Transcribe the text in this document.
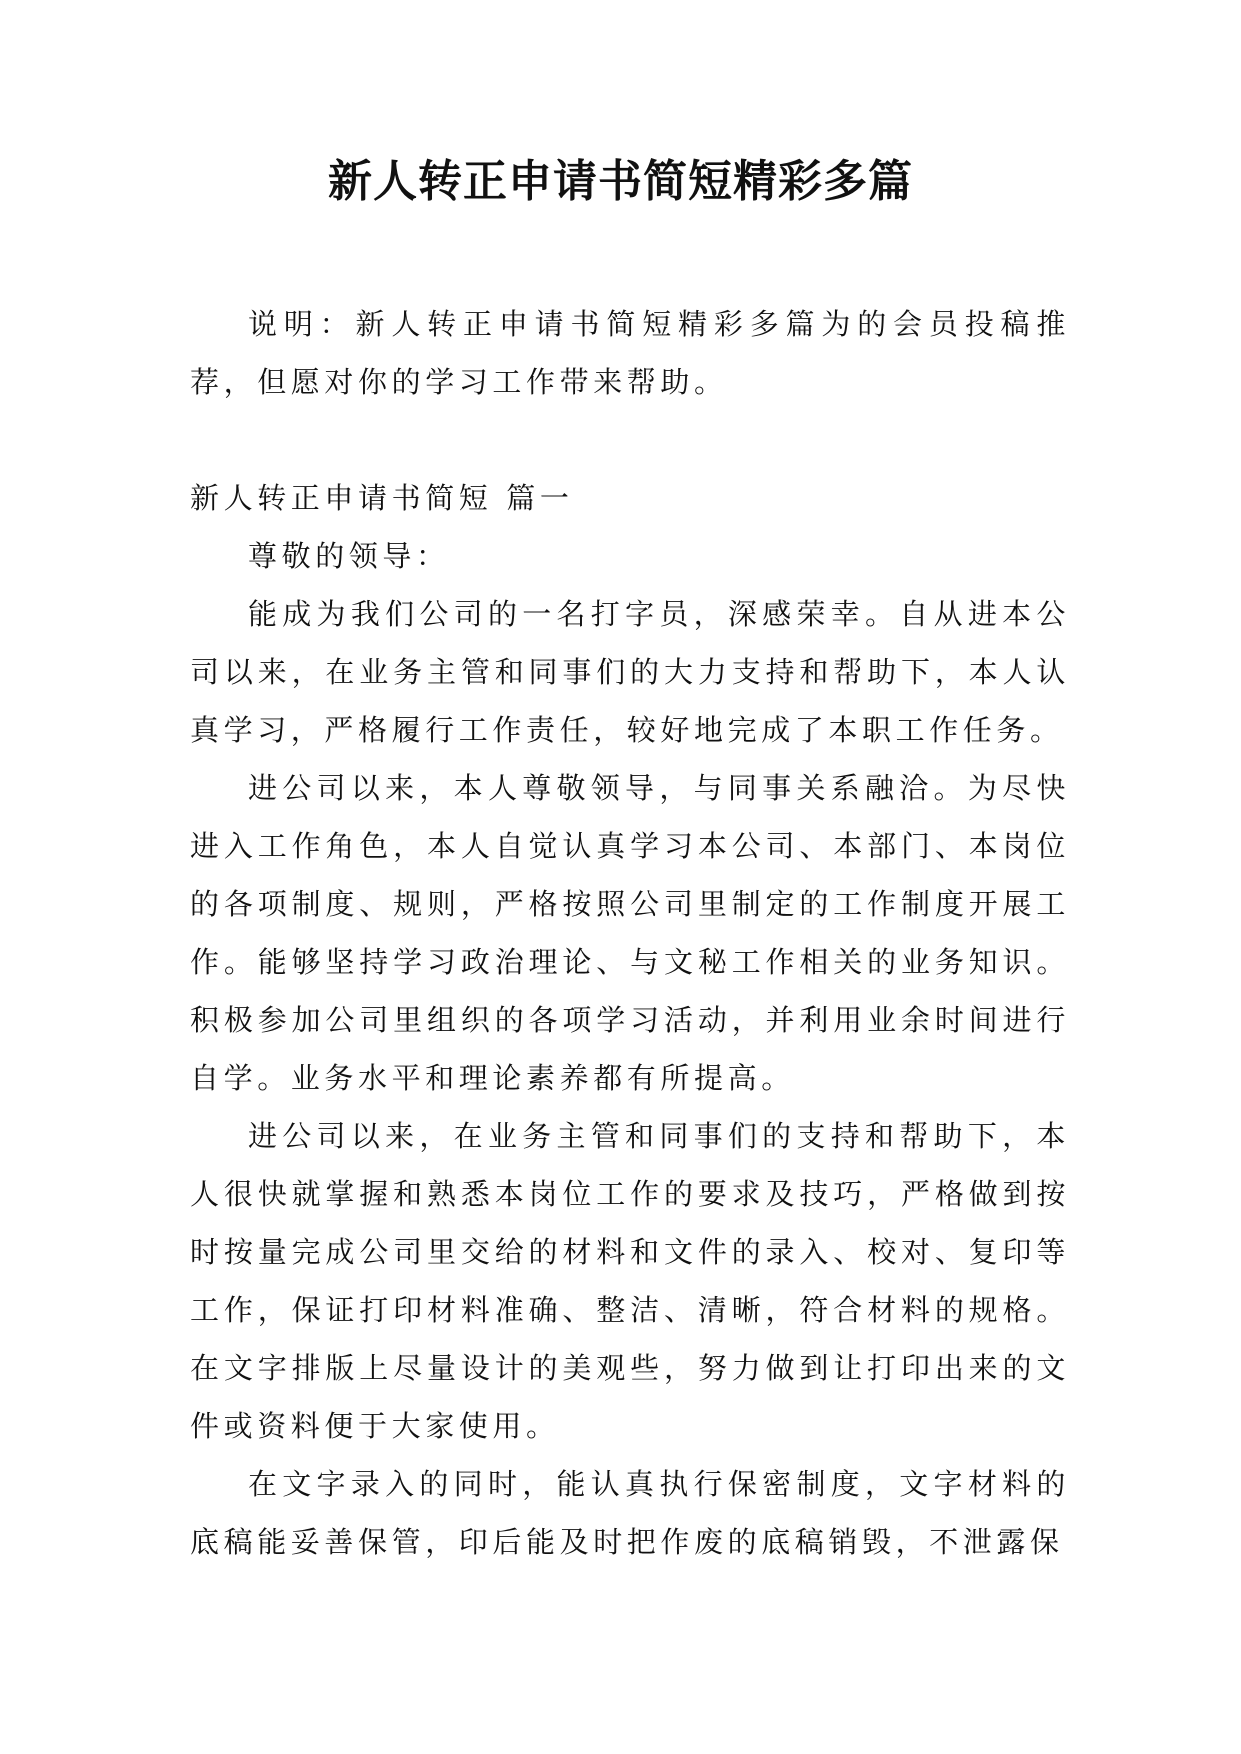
新人转正申请书简短精彩多篇

说明：新人转正申请书简短精彩多篇为的会员投稿推荐，但愿对你的学习工作带来帮助。

新人转正申请书简短 篇一

尊敬的领导：

能成为我们公司的一名打字员，深感荣幸。自从进本公司以来，在业务主管和同事们的大力支持和帮助下，本人认真学习，严格履行工作责任，较好地完成了本职工作任务。

进公司以来，本人尊敬领导，与同事关系融洽。为尽快进入工作角色，本人自觉认真学习本公司、本部门、本岗位的各项制度、规则，严格按照公司里制定的工作制度开展工作。能够坚持学习政治理论、与文秘工作相关的业务知识。积极参加公司里组织的各项学习活动，并利用业余时间进行自学。业务水平和理论素养都有所提高。

进公司以来，在业务主管和同事们的支持和帮助下，本人很快就掌握和熟悉本岗位工作的要求及技巧，严格做到按时按量完成公司里交给的材料和文件的录入、校对、复印等工作，保证打印材料准确、整洁、清晰，符合材料的规格。在文字排版上尽量设计的美观些，努力做到让打印出来的文件或资料便于大家使用。

在文字录入的同时，能认真执行保密制度，文字材料的底稿能妥善保管，印后能及时把作废的底稿销毁，不泄露保
